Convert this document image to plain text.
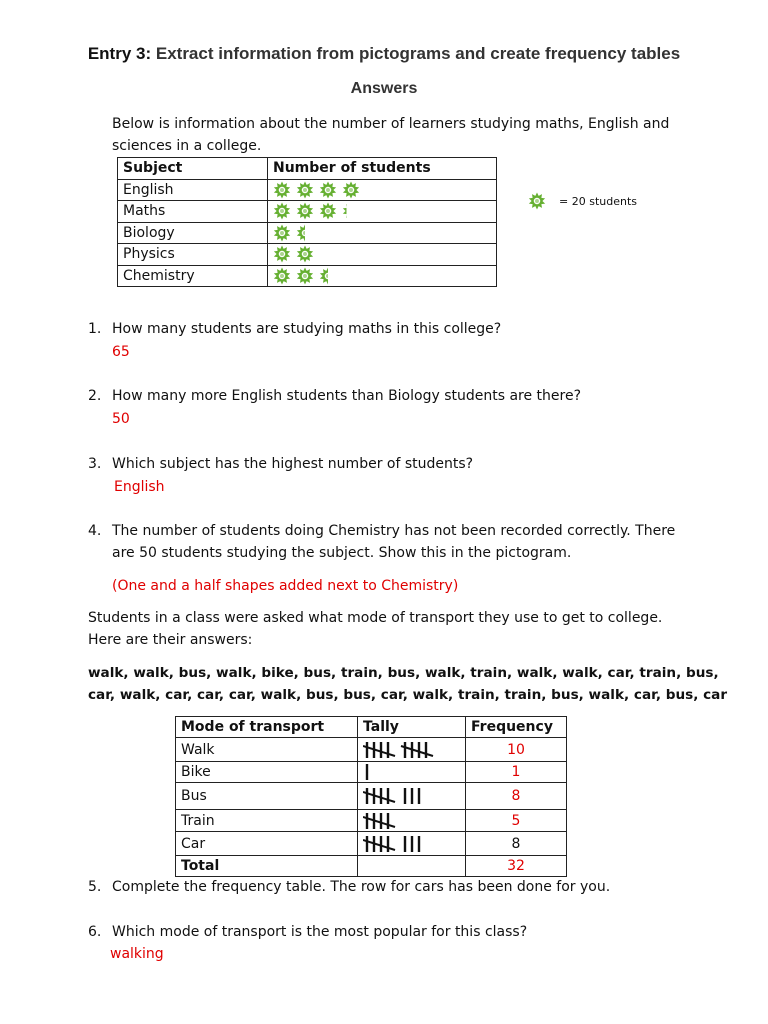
Entry 3: Extract information from pictograms and create frequency tables
Answers
Below is information about the number of learners studying maths, English and
sciences in a college.
Subject	Number of students
English	
Maths	
Biology	
Physics	
Chemistry	
= 20 students
1. How many students are studying maths in this college?
65
2. How many more English students than Biology students are there?
50
3. Which subject has the highest number of students?
English
4. The number of students doing Chemistry has not been recorded correctly. There
are 50 students studying the subject. Show this in the pictogram.
(One and a half shapes added next to Chemistry)
Students in a class were asked what mode of transport they use to get to college.
Here are their answers:
walk, walk, bus, walk, bike, bus, train, bus, walk, train, walk, walk, car, train, bus,
car, walk, car, car, car, walk, bus, bus, car, walk, train, train, bus, walk, car, bus, car
Mode of transport	Tally	Frequency
Walk		10
Bike		1
Bus		8
Train		5
Car		8
Total		32
5. Complete the frequency table. The row for cars has been done for you.
6. Which mode of transport is the most popular for this class?
walking
